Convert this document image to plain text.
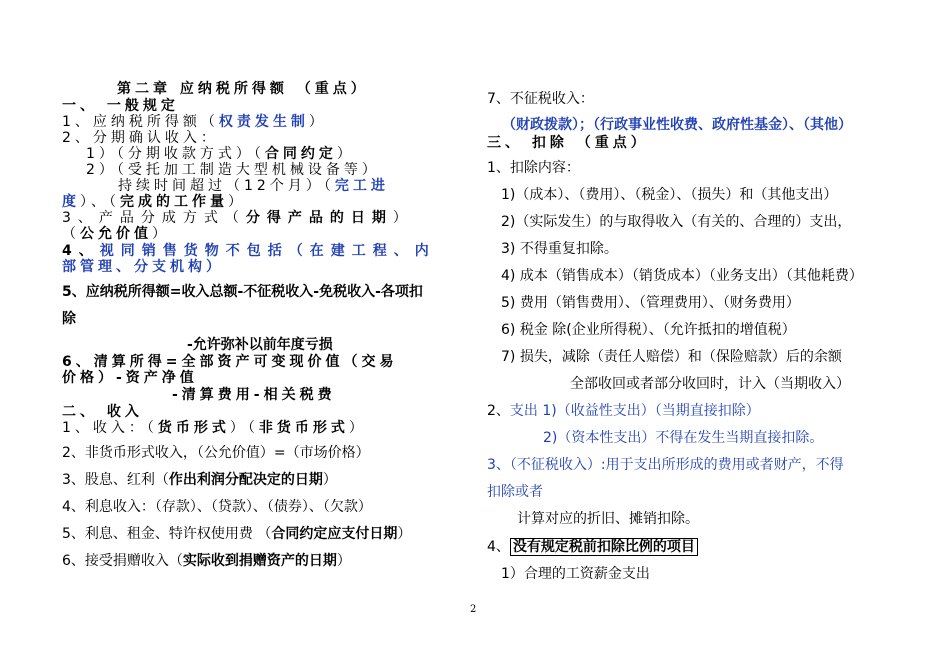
第二章 应纳税所得额 （重点）
一、 一般规定
1、应纳税所得额（权责发生制）
2、分期确认收入：
1）（分期收款方式）（合同约定）
2）（受托加工制造大型机械设备等）
持续时间超过（12个月）（完工进
度）、（完成的工作量）
3、产品分成方式（分得产品的日期）
（公允价值）
4、视同销售货物不包括（在建工程、内
部管理、分支机构）
5、应纳税所得额=收入总额-不征税收入-免税收入-各项扣
除
-允许弥补以前年度亏损
6、清算所得=全部资产可变现价值（交易
价格）-资产净值
-清算费用-相关税费
二、 收入
1、收入：（货币形式）（非货币形式）
2、非货币形式收入，（公允价值）=（市场价格）
3、股息、红利（作出利润分配决定的日期）
4、利息收入：（存款）、（贷款）、（债券）、（欠款）
5、利息、租金、特许权使用费 （合同约定应支付日期）
6、接受捐赠收入（实际收到捐赠资产的日期）
7、不征税收入：
（财政拨款）；（行政事业性收费、政府性基金）、（其他）
三、 扣除 （重点）
1、扣除内容：
1)（成本）、（费用）、（税金）、（损失）和（其他支出）
2)（实际发生）的与取得收入（有关的、合理的）支出，
3) 不得重复扣除。
4) 成本（销售成本）（销货成本）（业务支出）（其他耗费）
5) 费用（销售费用）、（管理费用）、（财务费用）
6) 税金 除(企业所得税）、（允许抵扣的增值税）
7) 损失，减除（责任人赔偿）和（保险赔款）后的余额
全部收回或者部分收回时，计入（当期收入）
2、支出 1)（收益性支出）（当期直接扣除）
2)（资本性支出）不得在发生当期直接扣除。
3、（不征税收入）:用于支出所形成的费用或者财产，不得
扣除或者
计算对应的折旧、摊销扣除。
4、 没有规定税前扣除比例的项目
1）合理的工资薪金支出
2
